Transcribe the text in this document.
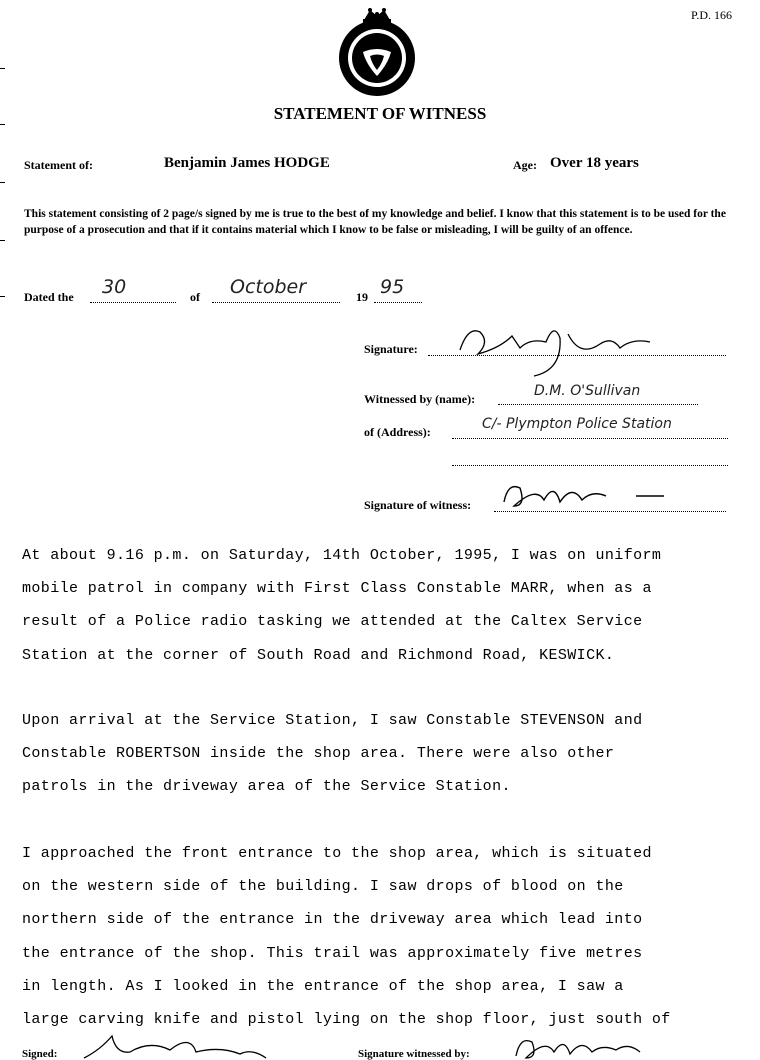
P.D. 166
STATEMENT OF WITNESS
Statement of:	Benjamin James HODGE	Age: Over 18 years
This statement consisting of 2 page/s signed by me is true to the best of my knowledge and belief. I know that this statement is to be used for the purpose of a prosecution and that if it contains material which I know to be false or misleading, I will be guilty of an offence.
Dated the 30	of October	19 95
Signature:
Witnessed by (name):	D.M. O'Sullivan
of (Address):	C/- Plympton Police Station
Signature of witness:

At about 9.16 p.m. on Saturday, 14th October, 1995, I was on uniform
mobile patrol in company with First Class Constable MARR, when as a
result of a Police radio tasking we attended at the Caltex Service
Station at the corner of South Road and Richmond Road, KESWICK.

Upon arrival at the Service Station, I saw Constable STEVENSON and
Constable ROBERTSON inside the shop area. There were also other
patrols in the driveway area of the Service Station.

I approached the front entrance to the shop area, which is situated
on the western side of the building. I saw drops of blood on the
northern side of the entrance in the driveway area which lead into
the entrance of the shop. This trail was approximately five metres
in length. As I looked in the entrance of the shop area, I saw a
large carving knife and pistol lying on the shop floor, just south of

Signed:	Signature witnessed by:
